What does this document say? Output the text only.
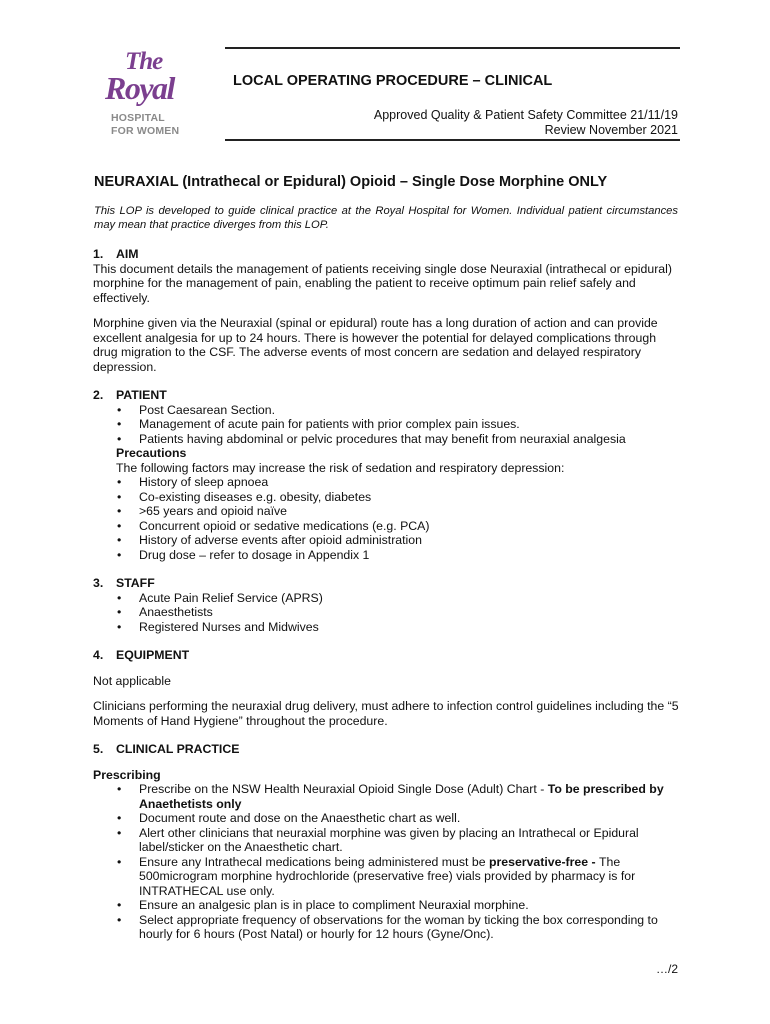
The
Royal
HOSPITAL
FOR WOMEN
LOCAL OPERATING PROCEDURE – CLINICAL
Approved Quality & Patient Safety Committee 21/11/19
Review November 2021
NEURAXIAL (Intrathecal or Epidural) Opioid – Single Dose Morphine ONLY
This LOP is developed to guide clinical practice at the Royal Hospital for Women. Individual patient circumstances may mean that practice diverges from this LOP.
1.	AIM

This document details the management of patients receiving single dose Neuraxial (intrathecal or epidural) morphine for the management of pain, enabling the patient to receive optimum pain relief safely and effectively.

Morphine given via the Neuraxial (spinal or epidural) route has a long duration of action and can provide excellent analgesia for up to 24 hours. There is however the potential for delayed complications through drug migration to the CSF. The adverse events of most concern are sedation and delayed respiratory depression.

2.	PATIENT
• Post Caesarean Section.
• Management of acute pain for patients with prior complex pain issues.
• Patients having abdominal or pelvic procedures that may benefit from neuraxial analgesia
Precautions
The following factors may increase the risk of sedation and respiratory depression:
• History of sleep apnoea
• Co-existing diseases e.g. obesity, diabetes
• >65 years and opioid naïve
• Concurrent opioid or sedative medications (e.g. PCA)
• History of adverse events after opioid administration
• Drug dose – refer to dosage in Appendix 1
3.	STAFF
• Acute Pain Relief Service (APRS)
• Anaesthetists
• Registered Nurses and Midwives
4.	EQUIPMENT

Not applicable

Clinicians performing the neuraxial drug delivery, must adhere to infection control guidelines including the “5 Moments of Hand Hygiene” throughout the procedure.

5.	CLINICAL PRACTICE
Prescribing
• Prescribe on the NSW Health Neuraxial Opioid Single Dose (Adult) Chart - To be prescribed by Anaethetists only
• Document route and dose on the Anaesthetic chart as well.
• Alert other clinicians that neuraxial morphine was given by placing an Intrathecal or Epidural label/sticker on the Anaesthetic chart.
• Ensure any Intrathecal medications being administered must be preservative-free - The 500microgram morphine hydrochloride (preservative free) vials provided by pharmacy is for INTRATHECAL use only.
• Ensure an analgesic plan is in place to compliment Neuraxial morphine.
• Select appropriate frequency of observations for the woman by ticking the box corresponding to hourly for 6 hours (Post Natal) or hourly for 12 hours (Gyne/Onc).
…/2
